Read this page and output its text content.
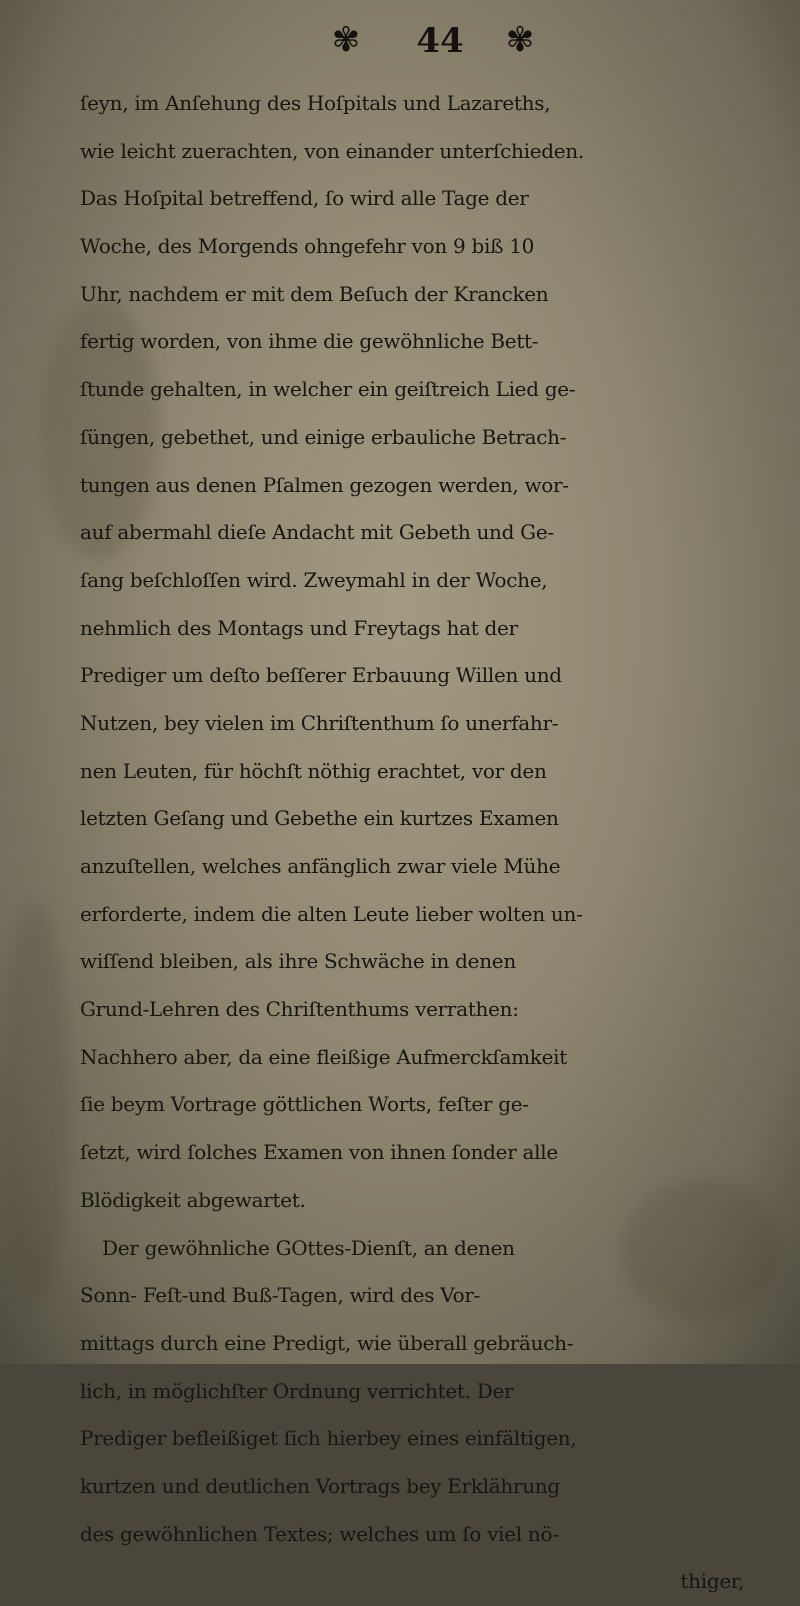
✾	44	✾
ſeyn, im Anſehung des Hoſpitals und Lazareths,
wie leicht zuerachten, von einander unterſchieden.
Das Hoſpital betreffend, ſo wird alle Tage der
Woche, des Morgends ohngefehr von 9 biß 10
Uhr, nachdem er mit dem Beſuch der Krancken
fertig worden, von ihme die gewöhnliche Bett-
ſtunde gehalten, in welcher ein geiſtreich Lied ge-
ſüngen, gebethet, und einige erbauliche Betrach-
tungen aus denen Pſalmen gezogen werden, wor-
auf abermahl dieſe Andacht mit Gebeth und Ge-
ſang beſchloſſen wird. Zweymahl in der Woche,
nehmlich des Montags und Freytags hat der
Prediger um deſto beſſerer Erbauung Willen und
Nutzen, bey vielen im Chriſtenthum ſo unerfahr-
nen Leuten, für höchſt nöthig erachtet, vor den
letzten Geſang und Gebethe ein kurtzes Examen
anzuſtellen, welches anfänglich zwar viele Mühe
erforderte, indem die alten Leute lieber wolten un-
wiſſend bleiben, als ihre Schwäche in denen
Grund-Lehren des Chriſtenthums verrathen:
Nachhero aber, da eine fleißige Aufmerckſamkeit
ſie beym Vortrage göttlichen Worts, feſter ge-
ſetzt, wird ſolches Examen von ihnen ſonder alle
Blödigkeit abgewartet.
Der gewöhnliche GOttes-Dienſt, an denen
Sonn- Feſt-und Buß-Tagen, wird des Vor-
mittags durch eine Predigt, wie überall gebräuch-
lich, in möglichſter Ordnung verrichtet. Der
Prediger befleißiget ſich hierbey eines einfältigen,
kurtzen und deutlichen Vortrags bey Erklährung
des gewöhnlichen Textes; welches um ſo viel nö-
thiger,
